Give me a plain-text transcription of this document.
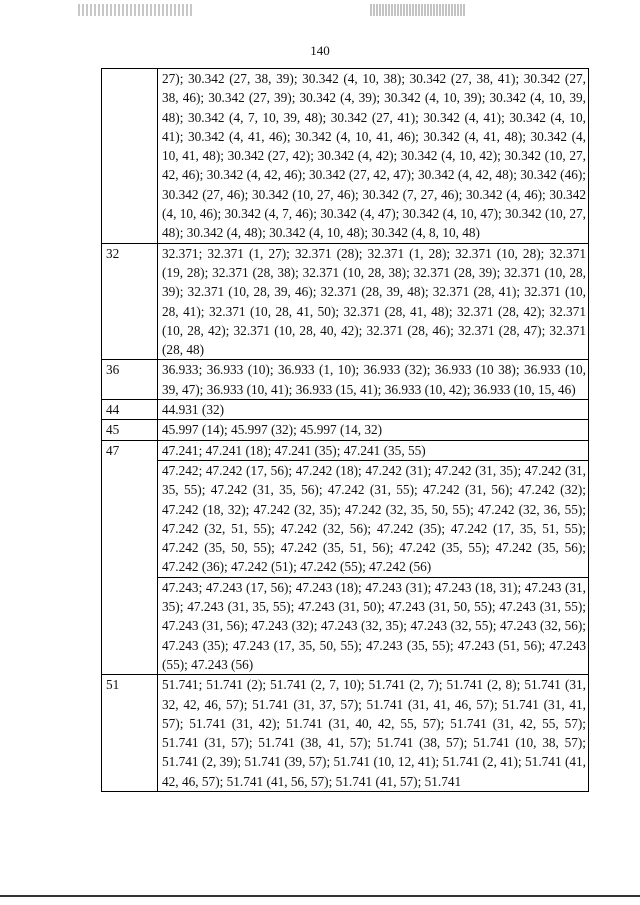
140
	27); 30.342 (27, 38, 39); 30.342 (4, 10, 38); 30.342 (27, 38, 41); 30.342 (27, 38, 46); 30.342 (27, 39); 30.342 (4, 39); 30.342 (4, 10, 39); 30.342 (4, 10, 39, 48); 30.342 (4, 7, 10, 39, 48); 30.342 (27, 41); 30.342 (4, 41); 30.342 (4, 10, 41); 30.342 (4, 41, 46); 30.342 (4, 10, 41, 46); 30.342 (4, 41, 48); 30.342 (4, 10, 41, 48); 30.342 (27, 42); 30.342 (4, 42); 30.342 (4, 10, 42); 30.342 (10, 27, 42, 46); 30.342 (4, 42, 46); 30.342 (27, 42, 47); 30.342 (4, 42, 48); 30.342 (46); 30.342 (27, 46); 30.342 (10, 27, 46); 30.342 (7, 27, 46); 30.342 (4, 46); 30.342 (4, 10, 46); 30.342 (4, 7, 46); 30.342 (4, 47); 30.342 (4, 10, 47); 30.342 (10, 27, 48); 30.342 (4, 48); 30.342 (4, 10, 48); 30.342 (4, 8, 10, 48)
32	32.371; 32.371 (1, 27); 32.371 (28); 32.371 (1, 28); 32.371 (10, 28); 32.371 (19, 28); 32.371 (28, 38); 32.371 (10, 28, 38); 32.371 (28, 39); 32.371 (10, 28, 39); 32.371 (10, 28, 39, 46); 32.371 (28, 39, 48); 32.371 (28, 41); 32.371 (10, 28, 41); 32.371 (10, 28, 41, 50); 32.371 (28, 41, 48); 32.371 (28, 42); 32.371 (10, 28, 42); 32.371 (10, 28, 40, 42); 32.371 (28, 46); 32.371 (28, 47); 32.371 (28, 48)
36	36.933; 36.933 (10); 36.933 (1, 10); 36.933 (32); 36.933 (10 38); 36.933 (10, 39, 47); 36.933 (10, 41); 36.933 (15, 41); 36.933 (10, 42); 36.933 (10, 15, 46)
44	44.931 (32)
45	45.997 (14); 45.997 (32); 45.997 (14, 32)
47	47.241; 47.241 (18); 47.241 (35); 47.241 (35, 55)
	47.242; 47.242 (17, 56); 47.242 (18); 47.242 (31); 47.242 (31, 35); 47.242 (31, 35, 55); 47.242 (31, 35, 56); 47.242 (31, 55); 47.242 (31, 56); 47.242 (32); 47.242 (18, 32); 47.242 (32, 35); 47.242 (32, 35, 50, 55); 47.242 (32, 36, 55); 47.242 (32, 51, 55); 47.242 (32, 56); 47.242 (35); 47.242 (17, 35, 51, 55); 47.242 (35, 50, 55); 47.242 (35, 51, 56); 47.242 (35, 55); 47.242 (35, 56); 47.242 (36); 47.242 (51); 47.242 (55); 47.242 (56)
	47.243; 47.243 (17, 56); 47.243 (18); 47.243 (31); 47.243 (18, 31); 47.243 (31, 35); 47.243 (31, 35, 55); 47.243 (31, 50); 47.243 (31, 50, 55); 47.243 (31, 55); 47.243 (31, 56); 47.243 (32); 47.243 (32, 35); 47.243 (32, 55); 47.243 (32, 56); 47.243 (35); 47.243 (17, 35, 50, 55); 47.243 (35, 55); 47.243 (51, 56); 47.243 (55); 47.243 (56)
51	51.741; 51.741 (2); 51.741 (2, 7, 10); 51.741 (2, 7); 51.741 (2, 8); 51.741 (31, 32, 42, 46, 57); 51.741 (31, 37, 57); 51.741 (31, 41, 46, 57); 51.741 (31, 41, 57); 51.741 (31, 42); 51.741 (31, 40, 42, 55, 57); 51.741 (31, 42, 55, 57); 51.741 (31, 57); 51.741 (38, 41, 57); 51.741 (38, 57); 51.741 (10, 38, 57); 51.741 (2, 39); 51.741 (39, 57); 51.741 (10, 12, 41); 51.741 (2, 41); 51.741 (41, 42, 46, 57); 51.741 (41, 56, 57); 51.741 (41, 57); 51.741
